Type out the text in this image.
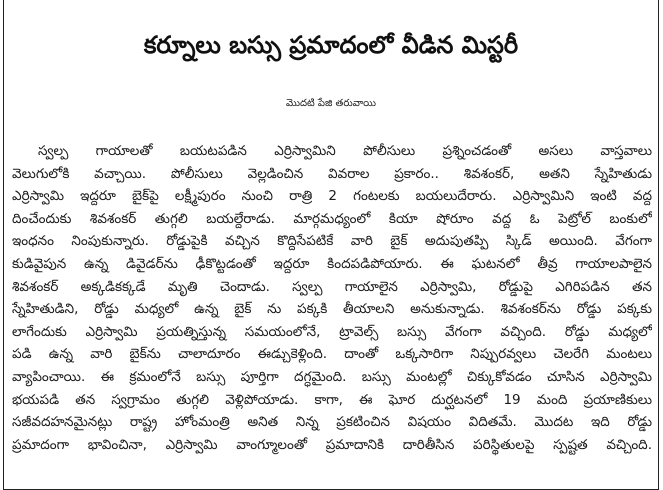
కర్నూలు బస్సు ప్రమాదంలో వీడిన మిస్టరీ
మొదటి పేజి తరువాయి
స్వల్ప గాయాలతో బయటపడిన ఎర్రిస్వామిని పోలీసులు ప్రశ్నించడంతో అసలు వాస్తవాలు
వెలుగులోకి వచ్చాయి. పోలీసులు వెల్లడించిన వివరాల ప్రకారం.. శివశంకర్, అతని స్నేహితుడు
ఎర్రిస్వామి ఇద్దరూ బైక్‌పై లక్ష్మీపురం నుంచి రాత్రి 2 గంటలకు బయలుదేరారు. ఎర్రిస్వామిని ఇంటి వద్ద
దించేందుకు శివశంకర్ తుగ్గలి బయల్దేరాడు. మార్గమధ్యంలో కియా షోరూం వద్ద ఓ పెట్రోల్ బంకులో
ఇంధనం నింపుకున్నారు. రోడ్డుపైకి వచ్చిన కొద్దిసేపటికే వారి బైక్ అదుపుతప్పి స్కిడ్ అయింది. వేగంగా
కుడివైపున ఉన్న డివైడర్‌ను ఢీకొట్టడంతో ఇద్దరూ కిందపడిపోయారు. ఈ ఘటనలో తీవ్ర గాయాలపాలైన
శివశంకర్ అక్కడికక్కడే మృతి చెందాడు. స్వల్ప గాయాలైన ఎర్రిస్వామి, రోడ్డుపై ఎగిరిపడిన తన
స్నేహితుడిని, రోడ్డు మధ్యలో ఉన్న బైక్ ను పక్కకి తీయాలని అనుకున్నాడు. శివశంకర్‌ను రోడ్డు పక్కకు
లాగేందుకు ఎర్రిస్వామి ప్రయత్నిస్తున్న సమయంలోనే, ట్రావెల్స్ బస్సు వేగంగా వచ్చింది. రోడ్డు మధ్యలో
పడి ఉన్న వారి బైక్‌ను చాలాదూరం ఈడ్చుకెళ్లింది. దాంతో ఒక్కసారిగా నిప్పురవ్వలు చెలరేగి మంటలు
వ్యాపించాయి. ఈ క్రమంలోనే బస్సు పూర్తిగా దగ్ధమైంది. బస్సు మంటల్లో చిక్కుకోవడం చూసిన ఎర్రిస్వామి
భయపడి తన స్వగ్రామం తుగ్గలి వెళ్లిపోయాడు. కాగా, ఈ ఘోర దుర్ఘటనలో 19 మంది ప్రయాణికులు
సజీవదహనమైనట్లు రాష్ట్ర హోంమంత్రి అనిత నిన్న ప్రకటించిన విషయం విదితమే. మొదట ఇది రోడ్డు
ప్రమాదంగా భావించినా, ఎర్రిస్వామి వాంగ్మూలంతో ప్రమాదానికి దారితీసిన పరిస్థితులపై స్పష్టత వచ్చింది.
